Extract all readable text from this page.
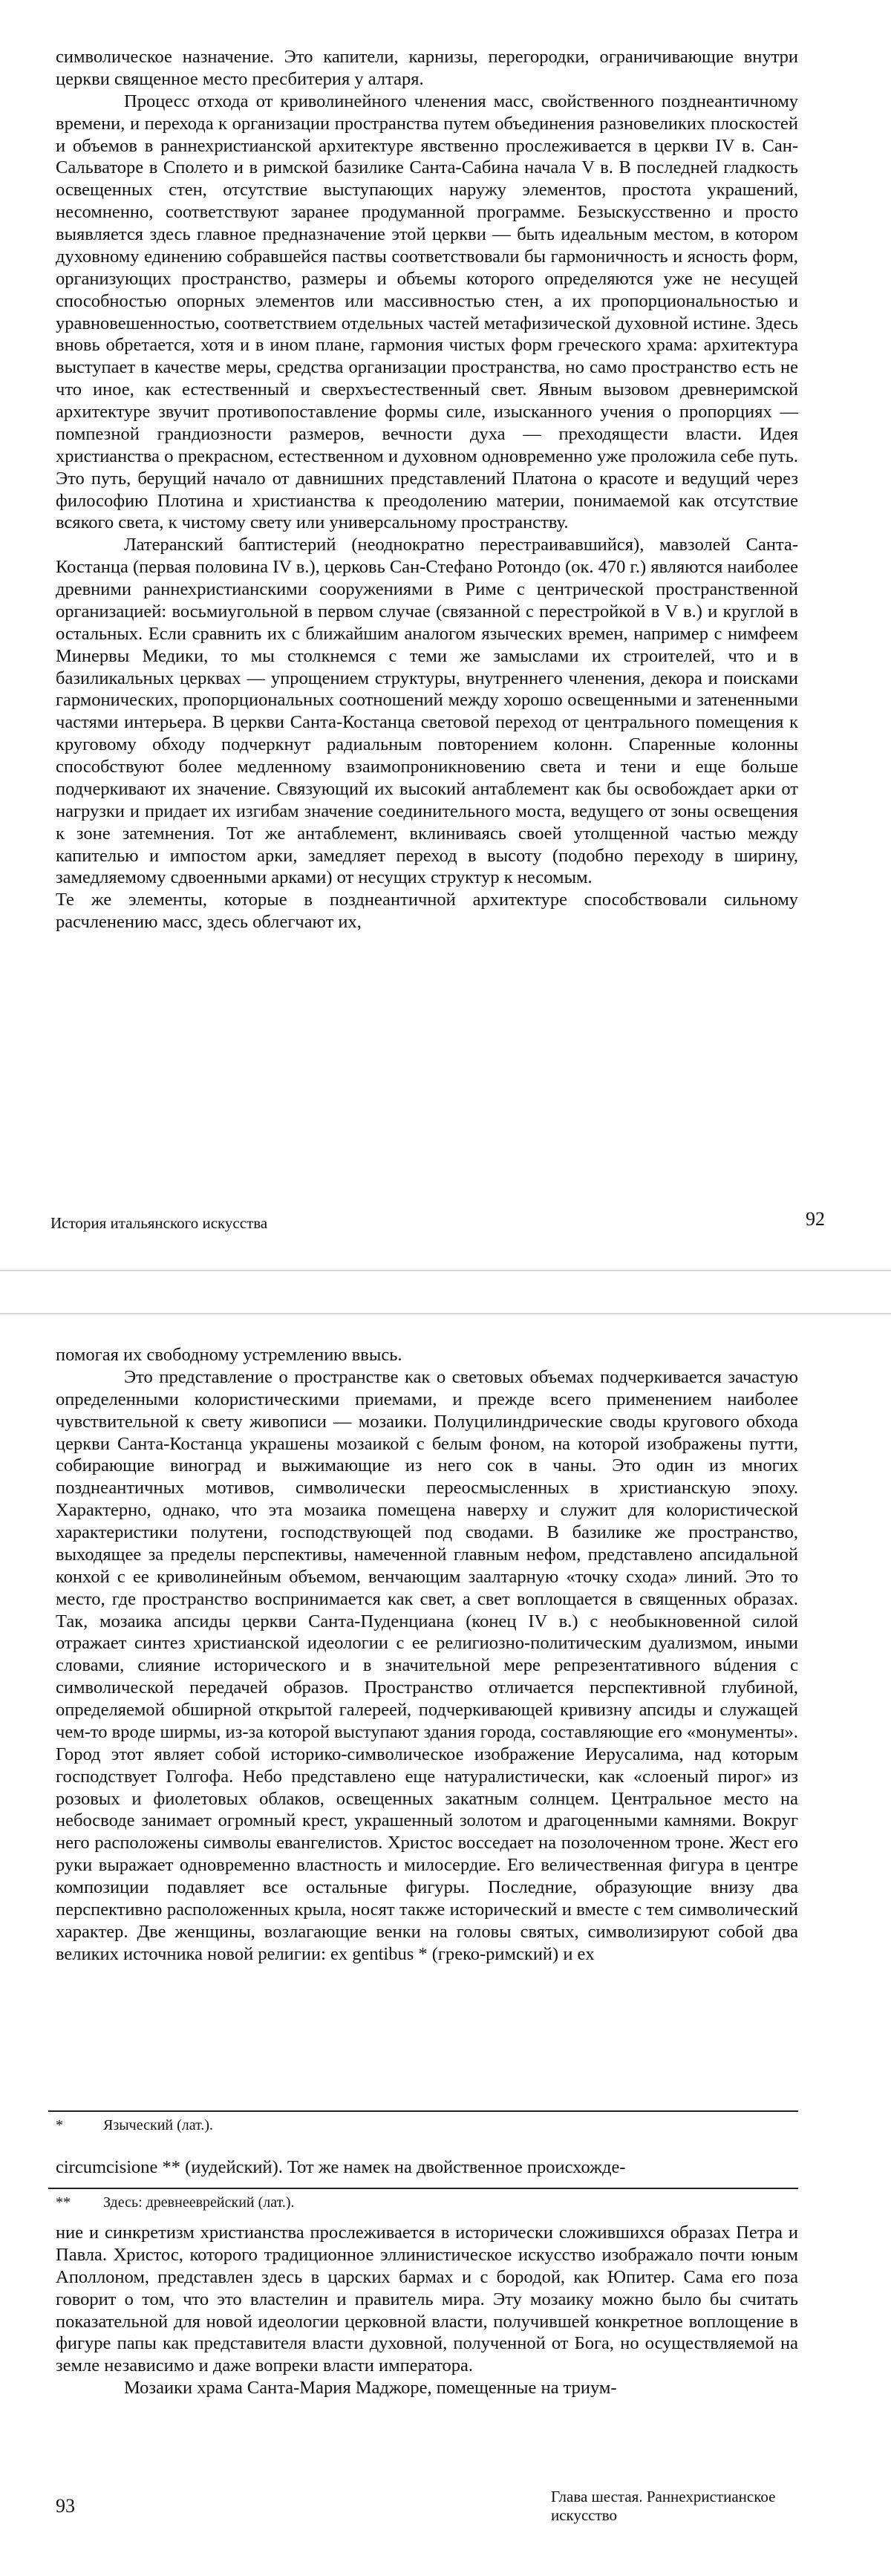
символическое назначение. Это капители, карнизы, перегородки, ограничивающие внутри церкви священное место пресбитерия у алтаря.

Процесс отхода от криволинейного членения масс, свойственного позднеантичному времени, и перехода к организации пространства путем объединения разновеликих плоскостей и объемов в раннехристианской архитектуре явственно прослеживается в церкви IV в. Сан-Сальваторе в Сполето и в римской базилике Санта-Сабина начала V в. В последней гладкость освещенных стен, отсутствие выступающих наружу элементов, простота украшений, несомненно, соответствуют заранее продуманной программе. Безыскусственно и просто выявляется здесь главное предназначение этой церкви — быть идеальным местом, в котором духовному единению собравшейся паствы соответствовали бы гармоничность и ясность форм, организующих пространство, размеры и объемы которого определяются уже не несущей способностью опорных элементов или массивностью стен, а их пропорциональностью и уравновешенностью, соответствием отдельных частей метафизической духовной истине. Здесь вновь обретается, хотя и в ином плане, гармония чистых форм греческого храма: архитектура выступает в качестве меры, средства организации пространства, но само пространство есть не что иное, как естественный и сверхъестественный свет. Явным вызовом древнеримской архитектуре звучит противопоставление формы силе, изысканного учения о пропорциях — помпезной грандиозности размеров, вечности духа — преходящести власти. Идея христианства о прекрасном, естественном и духовном одновременно уже проложила себе путь. Это путь, берущий начало от давнишних представлений Платона о красоте и ведущий через философию Плотина и христианства к преодолению материи, понимаемой как отсутствие всякого света, к чистому свету или универсальному пространству.

Латеранский баптистерий (неоднократно перестраивавшийся), мавзолей Санта-Костанца (первая половина IV в.), церковь Сан-Стефано Ротондо (ок. 470 г.) являются наиболее древними раннехристианскими сооружениями в Риме с центрической пространственной организацией: восьмиугольной в первом случае (связанной с перестройкой в V в.) и круглой в остальных. Если сравнить их с ближайшим аналогом языческих времен, например с нимфеем Минервы Медики, то мы столкнемся с теми же замыслами их строителей, что и в базиликальных церквах — упрощением структуры, внутреннего членения, декора и поисками гармонических, пропорциональных соотношений между хорошо освещенными и затененными частями интерьера. В церкви Санта-Костанца световой переход от центрального помещения к круговому обходу подчеркнут радиальным повторением колонн. Спаренные колонны способствуют более медленному взаимопроникновению света и тени и еще больше подчеркивают их значение. Связующий их высокий антаблемент как бы освобождает арки от нагрузки и придает их изгибам значение соединительного моста, ведущего от зоны освещения к зоне затемнения. Тот же антаблемент, вклиниваясь своей утолщенной частью между капителью и импостом арки, замедляет переход в высоту (подобно переходу в ширину, замедляемому сдвоенными арками) от несущих структур к несомым.

Те же элементы, которые в позднеантичной архитектуре способствовали сильному расчленению масс, здесь облегчают их,

История итальянского искусства	92

помогая их свободному устремлению ввысь.

Это представление о пространстве как о световых объемах подчеркивается зачастую определенными колористическими приемами, и прежде всего применением наиболее чувствительной к свету живописи — мозаики. Полуцилиндрические своды кругового обхода церкви Санта-Костанца украшены мозаикой с белым фоном, на которой изображены путти, собирающие виноград и выжимающие из него сок в чаны. Это один из многих позднеантичных мотивов, символически переосмысленных в христианскую эпоху. Характерно, однако, что эта мозаика помещена наверху и служит для колористической характеристики полутени, господствующей под сводами. В базилике же пространство, выходящее за пределы перспективы, намеченной главным нефом, представлено апсидальной конхой с ее криволинейным объемом, венчающим заалтарную «точку схода» линий. Это то место, где пространство воспринимается как свет, а свет воплощается в священных образах. Так, мозаика апсиды церкви Санта-Пуденциана (конец IV в.) с необыкновенной силой отражает синтез христианской идеологии с ее религиозно-политическим дуализмом, иными словами, слияние исторического и в значительной мере репрезентативного вúдения с символической передачей образов. Пространство отличается перспективной глубиной, определяемой обширной открытой галереей, подчеркивающей кривизну апсиды и служащей чем-то вроде ширмы, из-за которой выступают здания города, составляющие его «монументы». Город этот являет собой историко-символическое изображение Иерусалима, над которым господствует Голгофа. Небо представлено еще натуралистически, как «слоеный пирог» из розовых и фиолетовых облаков, освещенных закатным солнцем. Центральное место на небосводе занимает огромный крест, украшенный золотом и драгоценными камнями. Вокруг него расположены символы евангелистов. Христос восседает на позолоченном троне. Жест его руки выражает одновременно властность и милосердие. Его величественная фигура в центре композиции подавляет все остальные фигуры. Последние, образующие внизу два перспективно расположенных крыла, носят также исторический и вместе с тем символический характер. Две женщины, возлагающие венки на головы святых, символизируют собой два великих источника новой религии: ex gentibus * (греко-римский) и ex

*	Языческий (лат.).
circumcisione ** (иудейский). Тот же намек на двойственное происхожде-
** Здесь: древнееврейский (лат.).

ние и синкретизм христианства прослеживается в исторически сложившихся образах Петра и Павла. Христос, которого традиционное эллинистическое искусство изображало почти юным Аполлоном, представлен здесь в царских бармах и с бородой, как Юпитер. Сама его поза говорит о том, что это властелин и правитель мира. Эту мозаику можно было бы считать показательной для новой идеологии церковной власти, получившей конкретное воплощение в фигуре папы как представителя власти духовной, полученной от Бога, но осуществляемой на земле независимо и даже вопреки власти императора.

Мозаики храма Санта-Мария Маджоре, помещенные на триум-

93	Глава шестая. Раннехристианское искусство
